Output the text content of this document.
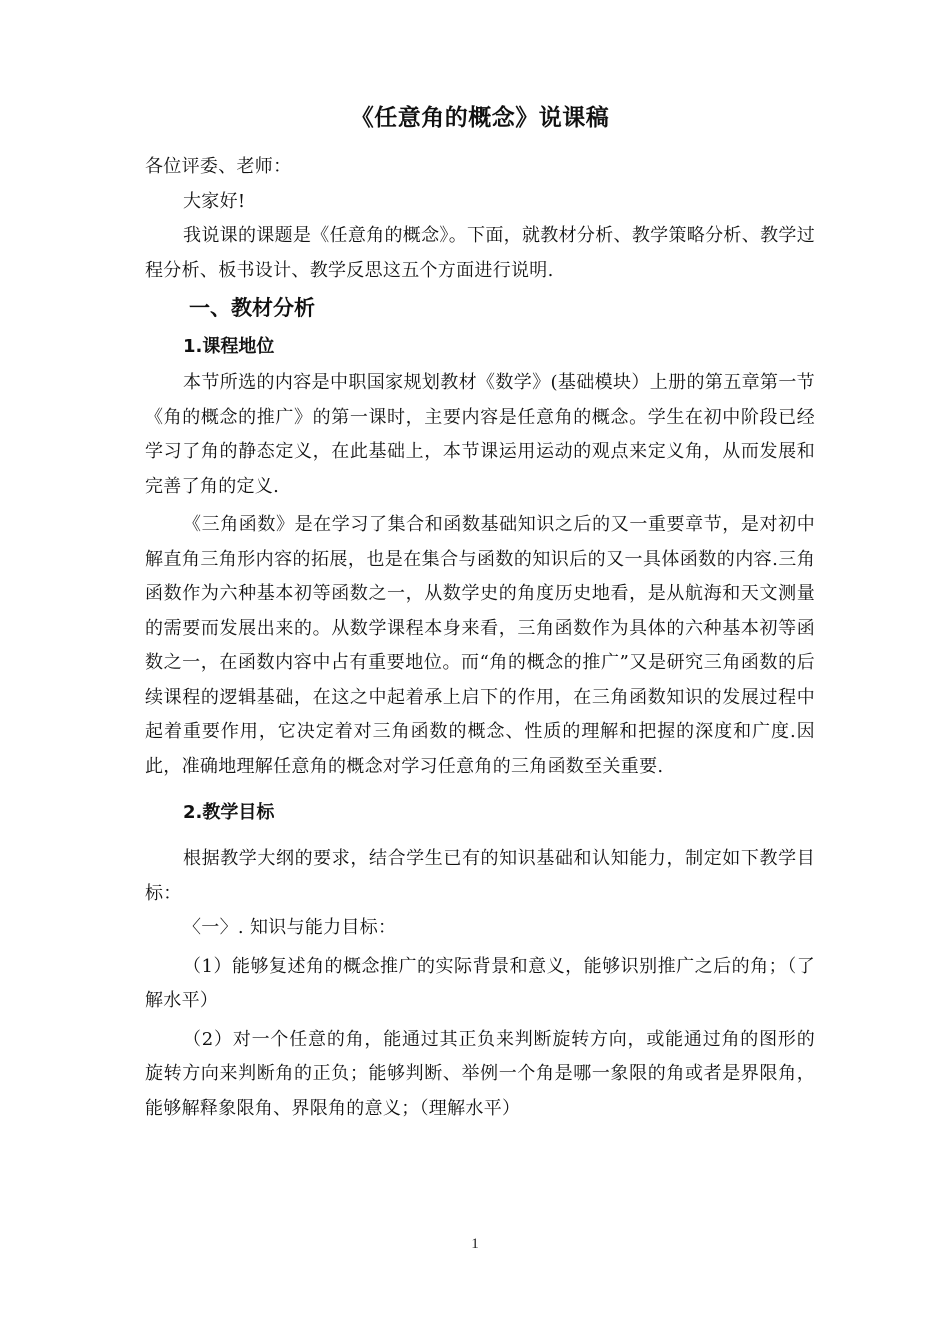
《任意角的概念》说课稿

各位评委、老师：

大家好!

我说课的课题是《任意角的概念》。下面，就教材分析、教学策略分析、教学过程分析、板书设计、教学反思这五个方面进行说明.

一、教材分析
1.课程地位

本节所选的内容是中职国家规划教材《数学》(基础模块）上册的第五章第一节《角的概念的推广》的第一课时，主要内容是任意角的概念。学生在初中阶段已经学习了角的静态定义，在此基础上，本节课运用运动的观点来定义角，从而发展和完善了角的定义.

《三角函数》是在学习了集合和函数基础知识之后的又一重要章节，是对初中解直角三角形内容的拓展，也是在集合与函数的知识后的又一具体函数的内容.三角函数作为六种基本初等函数之一，从数学史的角度历史地看，是从航海和天文测量的需要而发展出来的。从数学课程本身来看，三角函数作为具体的六种基本初等函数之一，在函数内容中占有重要地位。而“角的概念的推广”又是研究三角函数的后续课程的逻辑基础，在这之中起着承上启下的作用，在三角函数知识的发展过程中起着重要作用，它决定着对三角函数的概念、性质的理解和把握的深度和广度.因此，准确地理解任意角的概念对学习任意角的三角函数至关重要.

2.教学目标

根据教学大纲的要求，结合学生已有的知识基础和认知能力，制定如下教学目标：

〈一〉. 知识与能力目标：

（1）能够复述角的概念推广的实际背景和意义，能够识别推广之后的角；（了解水平）

（2）对一个任意的角，能通过其正负来判断旋转方向，或能通过角的图形的旋转方向来判断角的正负；能够判断、举例一个角是哪一象限的角或者是界限角，能够解释象限角、界限角的意义；（理解水平）

1
